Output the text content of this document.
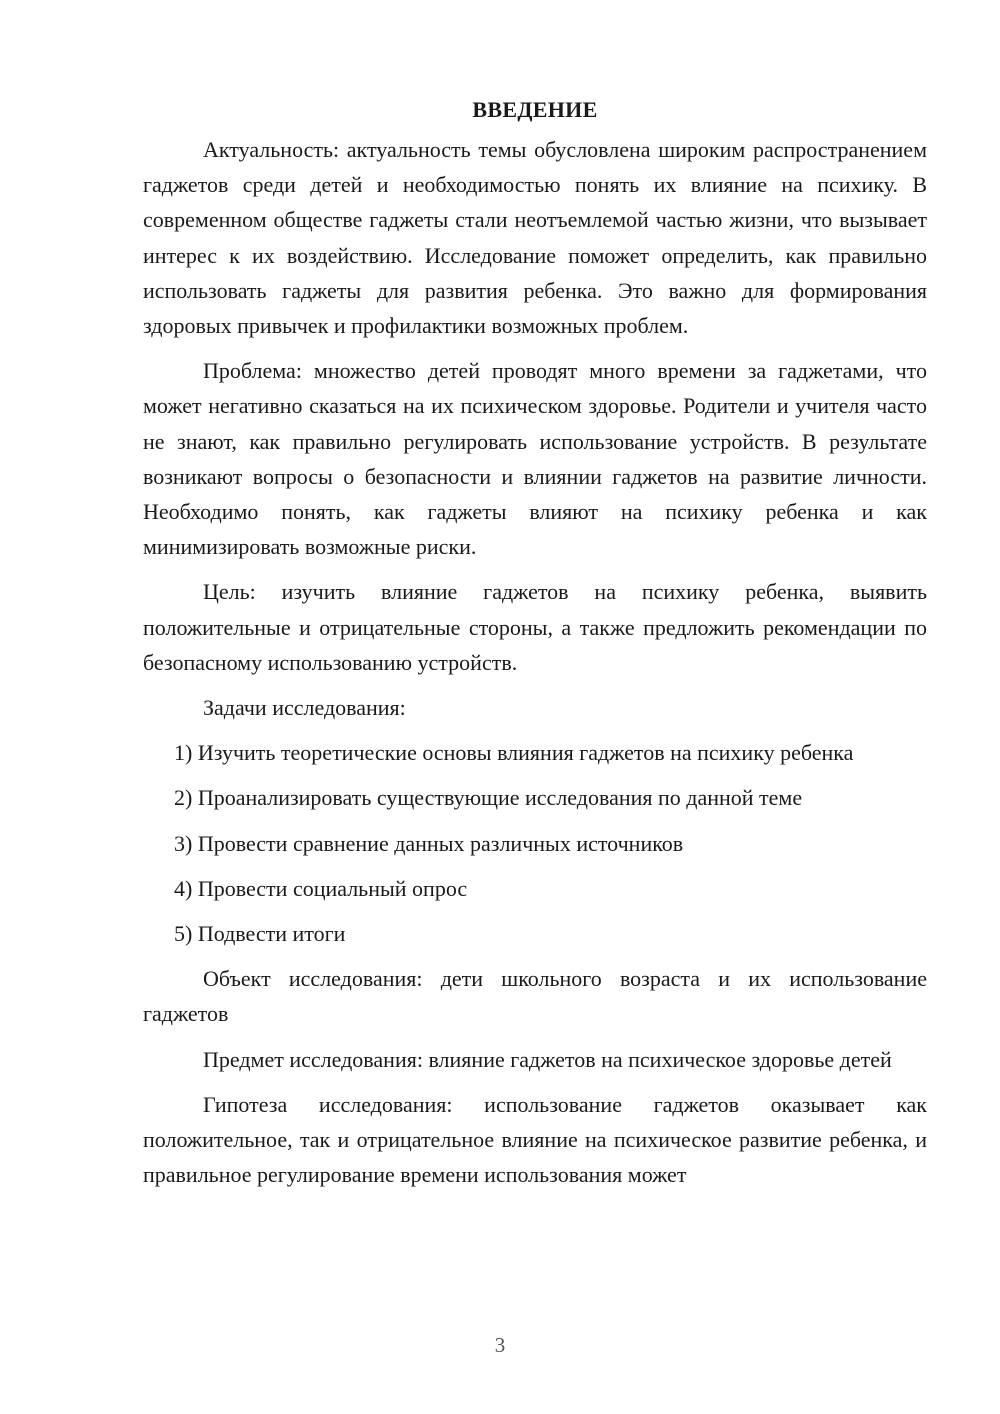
ВВЕДЕНИЕ

Актуальность: актуальность темы обусловлена широким распространением гаджетов среди детей и необходимостью понять их влияние на психику. В современном обществе гаджеты стали неотъемлемой частью жизни, что вызывает интерес к их воздействию. Исследование поможет определить, как правильно использовать гаджеты для развития ребенка. Это важно для формирования здоровых привычек и профилактики возможных проблем.

Проблема: множество детей проводят много времени за гаджетами, что может негативно сказаться на их психическом здоровье. Родители и учителя часто не знают, как правильно регулировать использование устройств. В результате возникают вопросы о безопасности и влиянии гаджетов на развитие личности. Необходимо понять, как гаджеты влияют на психику ребенка и как минимизировать возможные риски.

Цель: изучить влияние гаджетов на психику ребенка, выявить положительные и отрицательные стороны, а также предложить рекомендации по безопасному использованию устройств.

Задачи исследования:

1) Изучить теоретические основы влияния гаджетов на психику ребенка
2) Проанализировать существующие исследования по данной теме
3) Провести сравнение данных различных источников
4) Провести социальный опрос
5) Подвести итоги

Объект исследования: дети школьного возраста и их использование гаджетов

Предмет исследования: влияние гаджетов на психическое здоровье детей

Гипотеза исследования: использование гаджетов оказывает как положительное, так и отрицательное влияние на психическое развитие ребенка, и правильное регулирование времени использования может

3
